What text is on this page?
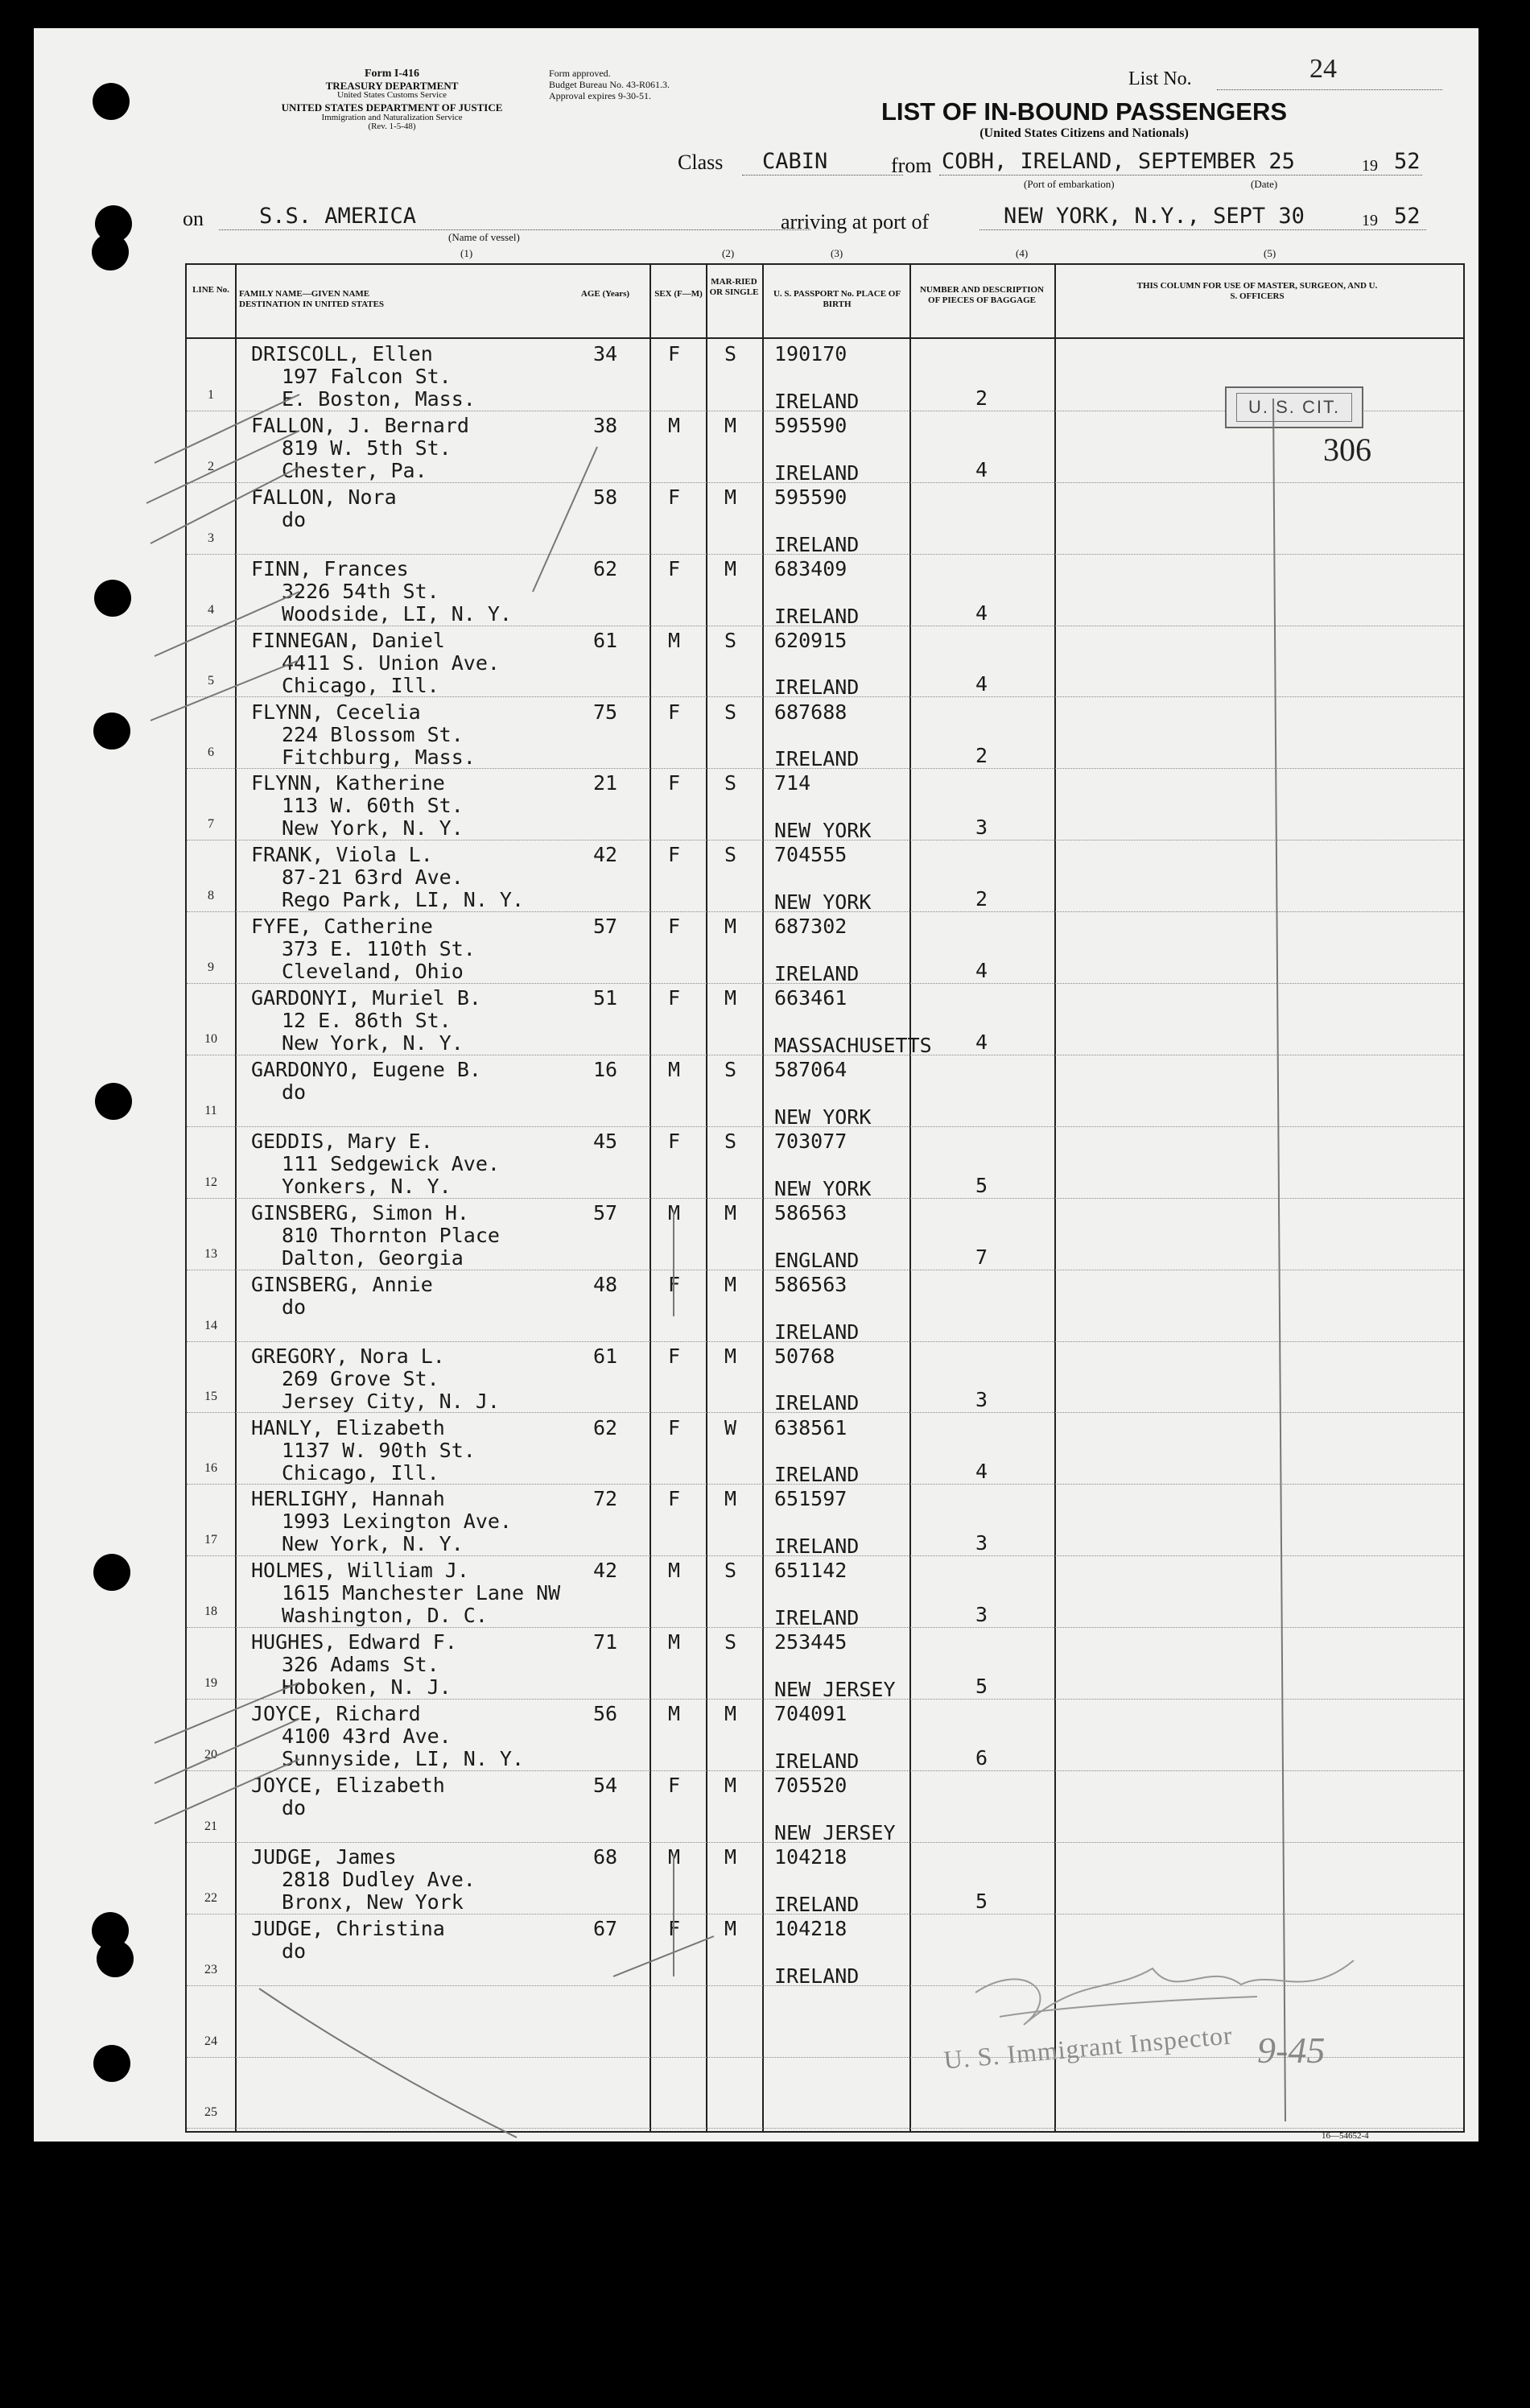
Form I-416
TREASURY DEPARTMENT
United States Customs Service
UNITED STATES DEPARTMENT OF JUSTICE
Immigration and Naturalization Service
(Rev. 1-5-48)
Form approved.
Budget Bureau No. 43-R061.3.
Approval expires 9-30-51.
List No.	24
LIST OF IN-BOUND PASSENGERS
(United States Citizens and Nationals)
Class CABIN	from COBH, IRELAND, SEPTEMBER 25	19 52
(Port of embarkation)	(Date)
on	S.S. AMERICA
(Name of vessel)
arriving at port of	NEW YORK, N.Y., SEPT 30	19 52
(1)	(2)	(3)	(4)	(5)
LINE No.	FAMILY NAME—GIVEN NAME DESTINATION IN UNITED STATES
AGE (Years)	SEX (F—M)
MAR-RIED OR SINGLE	U. S. PASSPORT No. PLACE OF BIRTH
NUMBER AND DESCRIPTION OF PIECES OF BAGGAGE
THIS COLUMN FOR USE OF MASTER, SURGEON, AND U. S. OFFICERS
1
DRISCOLL, Ellen
197 Falcon St.
E. Boston, Mass.
34	F S 190170
IRELAND	2
2
FALLON, J. Bernard
819 W. 5th St.
Chester, Pa.
38	M M 595590
IRELAND	4
3
FALLON, Nora
do
58	F M 595590
IRELAND
4
FINN, Frances
3226 54th St.
Woodside, LI, N. Y.
62	F M 683409
IRELAND	4
5
FINNEGAN, Daniel
4411 S. Union Ave.
Chicago, Ill.
61	M S 620915
IRELAND	4
6
FLYNN, Cecelia
224 Blossom St.
Fitchburg, Mass.
75	F S 687688
IRELAND	2
7
FLYNN, Katherine
113 W. 60th St.
New York, N. Y.
21	F S 714
NEW YORK	3
8
FRANK, Viola L.
87-21 63rd Ave.
Rego Park, LI, N. Y.
42	F S 704555
NEW YORK	2
9
FYFE, Catherine
373 E. 110th St.
Cleveland, Ohio
57	F M 687302
IRELAND	4
10
GARDONYI, Muriel B.
12 E. 86th St.
New York, N. Y.
51	F M 663461
MASSACHUSETTS 4
11
GARDONYO, Eugene B.
do
16	M S 587064
NEW YORK
12
GEDDIS, Mary E.
111 Sedgewick Ave.
Yonkers, N. Y.
45	F S 703077
NEW YORK	5
13
GINSBERG, Simon H.
810 Thornton Place
Dalton, Georgia
57	M M 586563
ENGLAND	7
14
GINSBERG, Annie
do
48	F M 586563
IRELAND
15
GREGORY, Nora L.
269 Grove St.
Jersey City, N. J.
61	F M 50768
IRELAND	3
16
HANLY, Elizabeth
1137 W. 90th St.
Chicago, Ill.
62	F W 638561
IRELAND	4
17
HERLIGHY, Hannah
1993 Lexington Ave.
New York, N. Y.
72	F M 651597
IRELAND	3
18
HOLMES, William J.
1615 Manchester Lane NW
Washington, D. C.
42	M S 651142
IRELAND	3
19
HUGHES, Edward F.
326 Adams St.
Hoboken, N. J.
71	M S 253445
NEW JERSEY	5
20
JOYCE, Richard
4100 43rd Ave.
Sunnyside, LI, N. Y.
56	M M 704091
IRELAND	6
21
JOYCE, Elizabeth
do
54	F M 705520
NEW JERSEY
22
JUDGE, James
2818 Dudley Ave.
Bronx, New York
68	M M 104218
IRELAND	5
23
JUDGE, Christina
do
67	F M 104218
IRELAND
24
25
U. S. CIT.
306
U. S. Immigrant Inspector 9-45
16—54652-4
